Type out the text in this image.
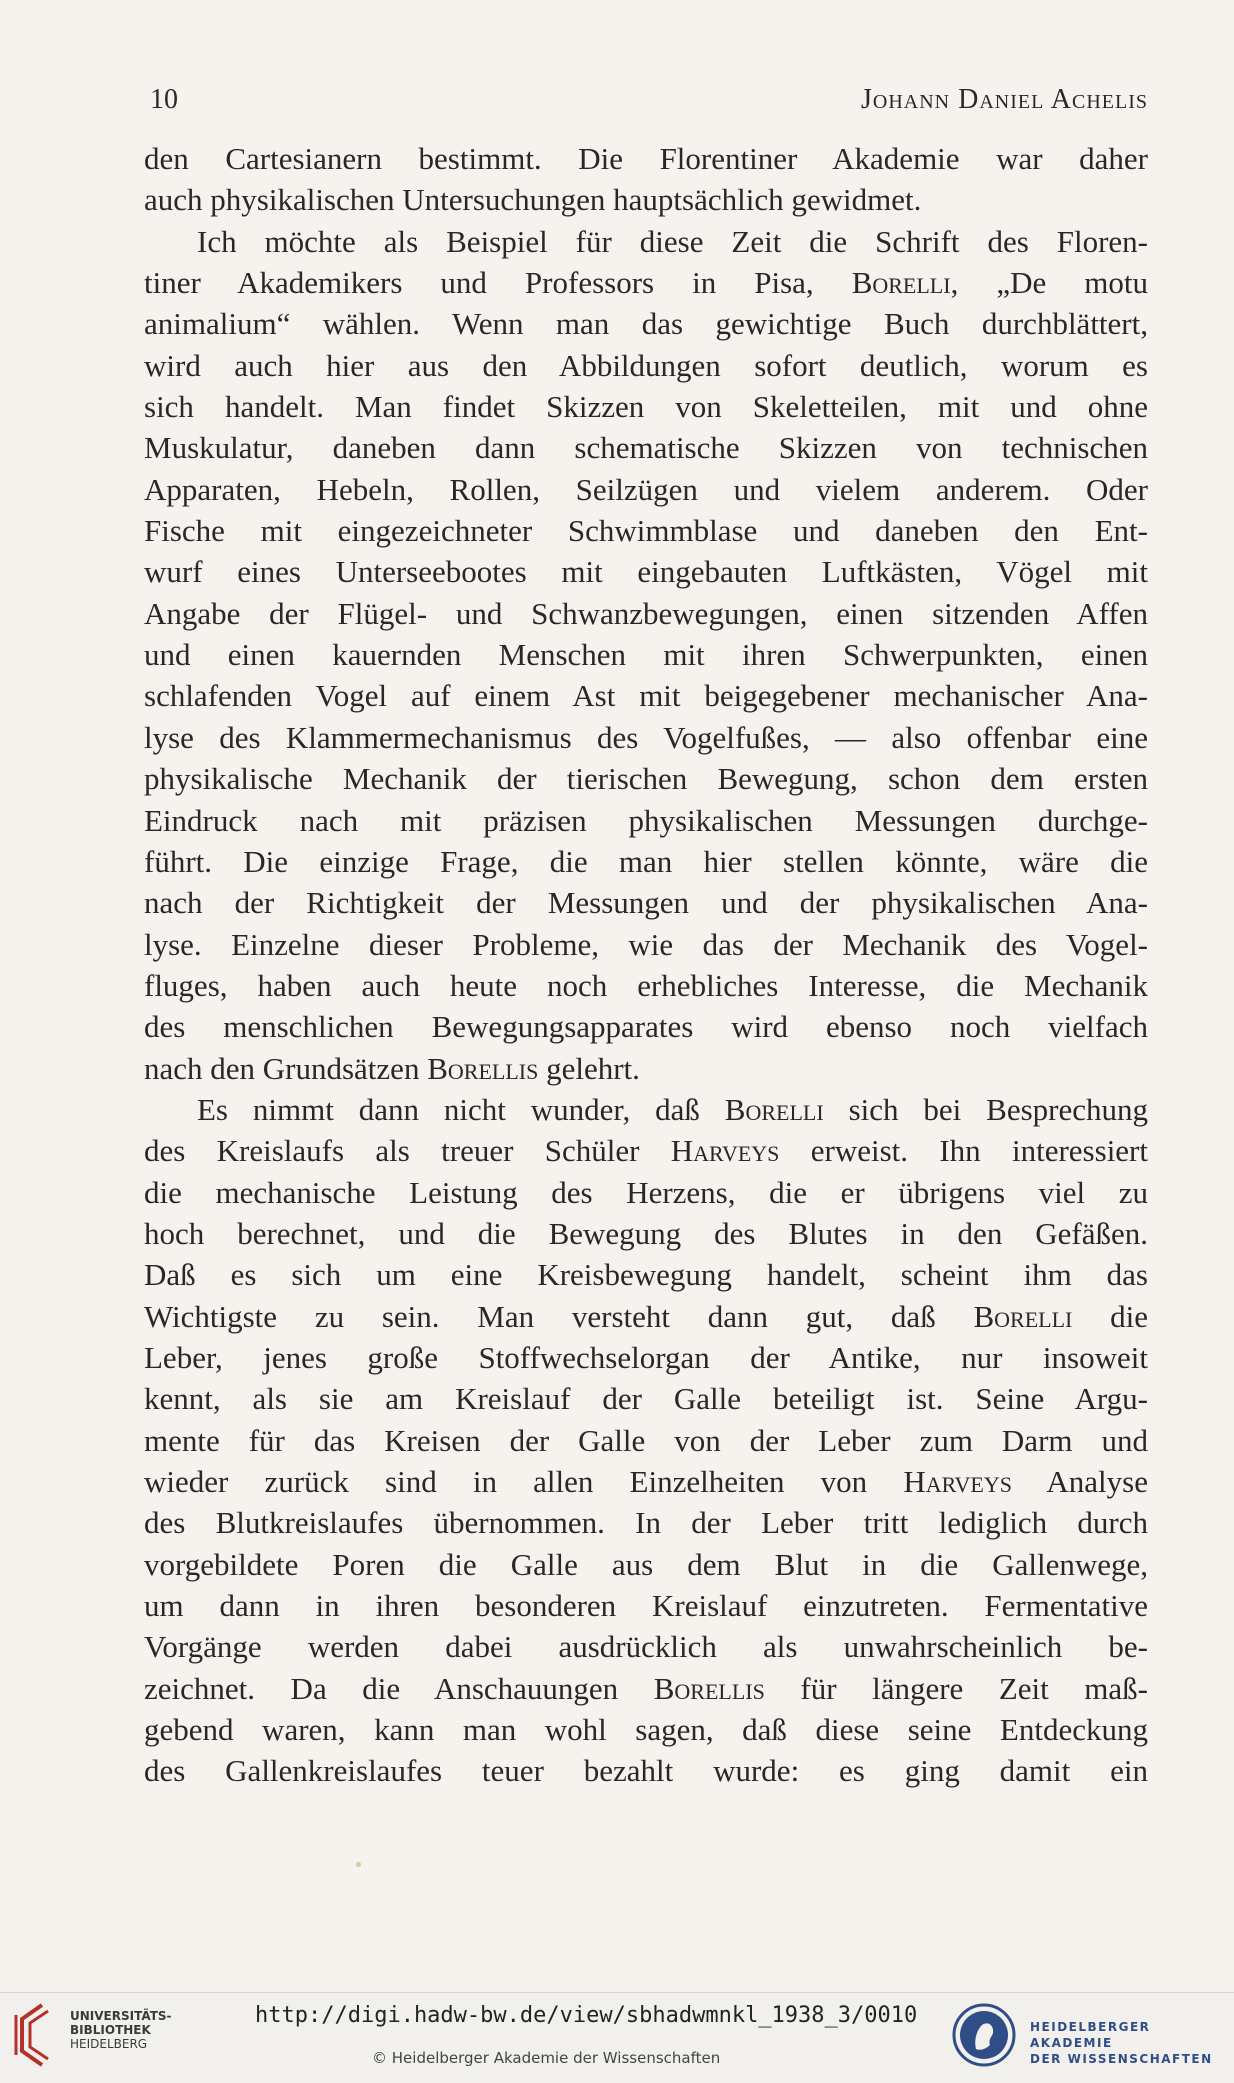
10	Johann Daniel Achelis
den Cartesianern bestimmt. Die Florentiner Akademie war daher
auch physikalischen Untersuchungen hauptsächlich gewidmet.
Ich möchte als Beispiel für diese Zeit die Schrift des Floren-
tiner Akademikers und Professors in Pisa, Borelli, „De motu
animalium“ wählen. Wenn man das gewichtige Buch durchblättert,
wird auch hier aus den Abbildungen sofort deutlich, worum es
sich handelt. Man findet Skizzen von Skeletteilen, mit und ohne
Muskulatur, daneben dann schematische Skizzen von technischen
Apparaten, Hebeln, Rollen, Seilzügen und vielem anderem. Oder
Fische mit eingezeichneter Schwimmblase und daneben den Ent-
wurf eines Unterseebootes mit eingebauten Luftkästen, Vögel mit
Angabe der Flügel- und Schwanzbewegungen, einen sitzenden Affen
und einen kauernden Menschen mit ihren Schwerpunkten, einen
schlafenden Vogel auf einem Ast mit beigegebener mechanischer Ana-
lyse des Klammermechanismus des Vogelfußes, — also offenbar eine
physikalische Mechanik der tierischen Bewegung, schon dem ersten
Eindruck nach mit präzisen physikalischen Messungen durchge-
führt. Die einzige Frage, die man hier stellen könnte, wäre die
nach der Richtigkeit der Messungen und der physikalischen Ana-
lyse. Einzelne dieser Probleme, wie das der Mechanik des Vogel-
fluges, haben auch heute noch erhebliches Interesse, die Mechanik
des menschlichen Bewegungsapparates wird ebenso noch vielfach
nach den Grundsätzen Borellis gelehrt.
Es nimmt dann nicht wunder, daß Borelli sich bei Besprechung
des Kreislaufs als treuer Schüler Harveys erweist. Ihn interessiert
die mechanische Leistung des Herzens, die er übrigens viel zu
hoch berechnet, und die Bewegung des Blutes in den Gefäßen.
Daß es sich um eine Kreisbewegung handelt, scheint ihm das
Wichtigste zu sein. Man versteht dann gut, daß Borelli die
Leber, jenes große Stoffwechselorgan der Antike, nur insoweit
kennt, als sie am Kreislauf der Galle beteiligt ist. Seine Argu-
mente für das Kreisen der Galle von der Leber zum Darm und
wieder zurück sind in allen Einzelheiten von Harveys Analyse
des Blutkreislaufes übernommen. In der Leber tritt lediglich durch
vorgebildete Poren die Galle aus dem Blut in die Gallenwege,
um dann in ihren besonderen Kreislauf einzutreten. Fermentative
Vorgänge werden dabei ausdrücklich als unwahrscheinlich be-
zeichnet. Da die Anschauungen Borellis für längere Zeit maß-
gebend waren, kann man wohl sagen, daß diese seine Entdeckung
des Gallenkreislaufes teuer bezahlt wurde: es ging damit ein
UNIVERSITÄTS-
BIBLIOTHEK
HEIDELBERG
http://digi.hadw-bw.de/view/sbhadwmnkl_1938_3/0010
© Heidelberger Akademie der Wissenschaften
HEIDELBERGER AKADEMIE
DER WISSENSCHAFTEN
